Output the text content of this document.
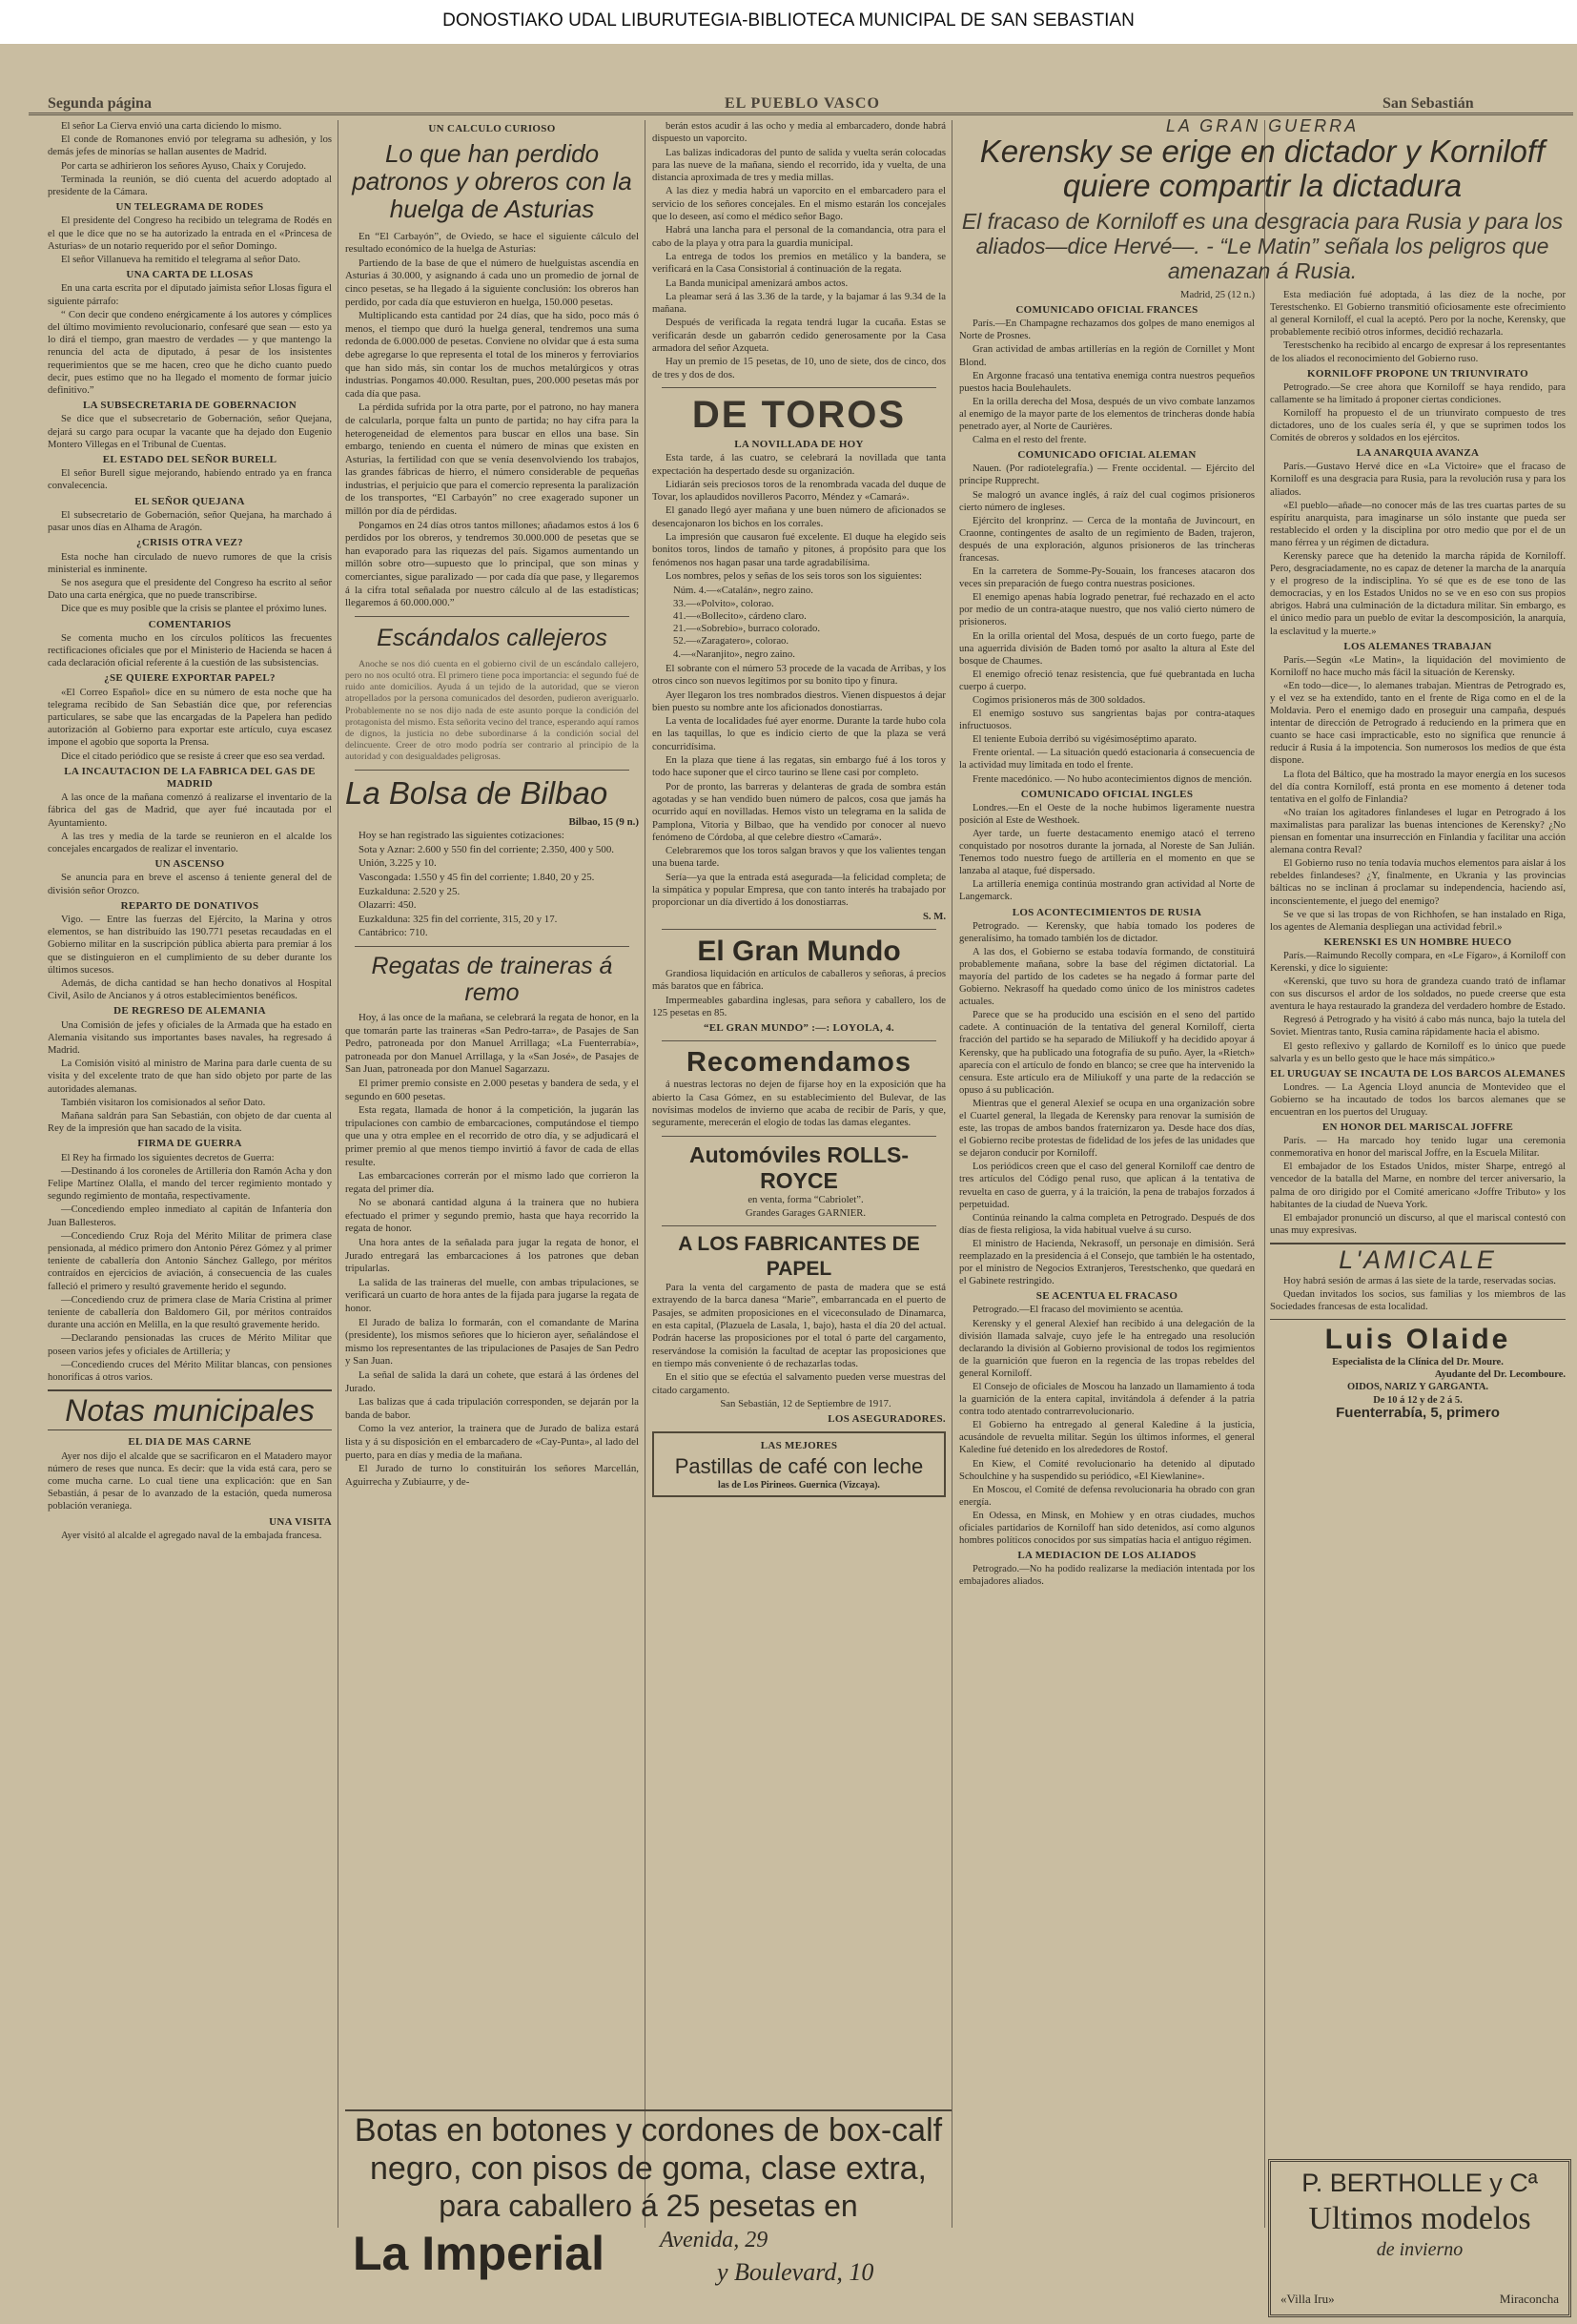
DONOSTIAKO UDAL LIBURUTEGIA-BIBLIOTECA MUNICIPAL DE SAN SEBASTIAN
Segunda página	EL PUEBLO VASCO	San Sebastián

El señor La Cierva envió una carta diciendo lo mismo.

El conde de Romanones envió por telegrama su adhesión, y los demás jefes de minorías se hallan ausentes de Madrid.

Por carta se adhirieron los señores Ayuso, Chaix y Corujedo.

Terminada la reunión, se dió cuenta del acuerdo adoptado al presidente de la Cámara.

UN TELEGRAMA DE RODES

El presidente del Congreso ha recibido un telegrama de Rodés en el que le dice que no se ha autorizado la entrada en el «Princesa de Asturias» de un notario requerido por el señor Domingo.

El señor Villanueva ha remitido el telegrama al señor Dato.

UNA CARTA DE LLOSAS

En una carta escrita por el diputado jaimista señor Llosas figura el siguiente párrafo:

“ Con decir que condeno enérgicamente á los autores y cómplices del último movimiento revolucionario, confesaré que sean — esto ya lo dirá el tiempo, gran maestro de verdades — y que mantengo la renuncia del acta de diputado, á pesar de los insistentes requerimientos que se me hacen, creo que he dicho cuanto puedo decir, pues estimo que no ha llegado el momento de formar juicio definitivo.”

LA SUBSECRETARIA DE GOBERNACION

Se dice que el subsecretario de Gobernación, señor Quejana, dejará su cargo para ocupar la vacante que ha dejado don Eugenio Montero Villegas en el Tribunal de Cuentas.

EL ESTADO DEL SEÑOR BURELL

El señor Burell sigue mejorando, habiendo entrado ya en franca convalecencia.

EL SEÑOR QUEJANA

El subsecretario de Gobernación, señor Quejana, ha marchado á pasar unos días en Alhama de Aragón.

¿CRISIS OTRA VEZ?

Esta noche han circulado de nuevo rumores de que la crisis ministerial es inminente.

Se nos asegura que el presidente del Congreso ha escrito al señor Dato una carta enérgica, que no puede transcribirse.

Dice que es muy posible que la crisis se plantee el próximo lunes.

COMENTARIOS

Se comenta mucho en los círculos políticos las frecuentes rectificaciones oficiales que por el Ministerio de Hacienda se hacen á cada declaración oficial referente á la cuestión de las subsistencias.

¿SE QUIERE EXPORTAR PAPEL?

«El Correo Español» dice en su número de esta noche que ha telegrama recibido de San Sebastián dice que, por referencias particulares, se sabe que las encargadas de la Papelera han pedido autorización al Gobierno para exportar este artículo, cuya escasez impone el agobio que soporta la Prensa.

Dice el citado periódico que se resiste á creer que eso sea verdad.

LA INCAUTACION DE LA FABRICA DEL GAS DE MADRID

A las once de la mañana comenzó á realizarse el inventario de la fábrica del gas de Madrid, que ayer fué incautada por el Ayuntamiento.

A las tres y media de la tarde se reunieron en el alcalde los concejales encargados de realizar el inventario.

UN ASCENSO

Se anuncia para en breve el ascenso á teniente general del de división señor Orozco.

REPARTO DE DONATIVOS

Vigo. — Entre las fuerzas del Ejército, la Marina y otros elementos, se han distribuído las 190.771 pesetas recaudadas en el Gobierno militar en la suscripción pública abierta para premiar á los que se distinguieron en el cumplimiento de su deber durante los últimos sucesos.

Además, de dicha cantidad se han hecho donativos al Hospital Civil, Asilo de Ancianos y á otros establecimientos benéficos.

DE REGRESO DE ALEMANIA

Una Comisión de jefes y oficiales de la Armada que ha estado en Alemania visitando sus importantes bases navales, ha regresado á Madrid.

La Comisión visitó al ministro de Marina para darle cuenta de su visita y del excelente trato de que han sido objeto por parte de las autoridades alemanas.

También visitaron los comisionados al señor Dato.

Mañana saldrán para San Sebastián, con objeto de dar cuenta al Rey de la impresión que han sacado de la visita.

FIRMA DE GUERRA

El Rey ha firmado los siguientes decretos de Guerra:

—Destinando á los coroneles de Artillería don Ramón Acha y don Felipe Martínez Olalla, el mando del tercer regimiento montado y segundo regimiento de montaña, respectivamente.

—Concediendo empleo inmediato al capitán de Infantería don Juan Ballesteros.

—Concediendo Cruz Roja del Mérito Militar de primera clase pensionada, al médico primero don Antonio Pérez Gómez y al primer teniente de caballería don Antonio Sánchez Gallego, por méritos contraídos en ejercicios de aviación, á consecuencia de las cuales falleció el primero y resultó gravemente herido el segundo.

—Concediendo cruz de primera clase de María Cristina al primer teniente de caballería don Baldomero Gil, por méritos contraídos durante una acción en Melilla, en la que resultó gravemente herido.

—Declarando pensionadas las cruces de Mérito Militar que poseen varios jefes y oficiales de Artillería; y

—Concediendo cruces del Mérito Militar blancas, con pensiones honoríficas á otros varios.

Notas municipales

EL DIA DE MAS CARNE

Ayer nos dijo el alcalde que se sacrificaron en el Matadero mayor número de reses que nunca. Es decir: que la vida está cara, pero se come mucha carne. Lo cual tiene una explicación: que en San Sebastián, á pesar de lo avanzado de la estación, queda numerosa población veraniega.

UNA VISITA

Ayer visitó al alcalde el agregado naval de la embajada francesa.

UN CALCULO CURIOSO

Lo que han perdido patronos y obreros con la huelga de Asturias

En “El Carbayón”, de Oviedo, se hace el siguiente cálculo del resultado económico de la huelga de Asturias:

Partiendo de la base de que el número de huelguistas ascendía en Asturias á 30.000, y asignando á cada uno un promedio de jornal de cinco pesetas, se ha llegado á la siguiente conclusión: los obreros han perdido, por cada día que estuvieron en huelga, 150.000 pesetas.

Multiplicando esta cantidad por 24 días, que ha sido, poco más ó menos, el tiempo que duró la huelga general, tendremos una suma redonda de 6.000.000 de pesetas. Conviene no olvidar que á esta suma debe agregarse lo que representa el total de los mineros y ferroviarios que han sido más, sin contar los de muchos metalúrgicos y otras industrias. Pongamos 40.000. Resultan, pues, 200.000 pesetas más por cada día que pasa.

La pérdida sufrida por la otra parte, por el patrono, no hay manera de calcularla, porque falta un punto de partida; no hay cifra para la heterogeneidad de elementos para buscar en ellos una base. Sin embargo, teniendo en cuenta el número de minas que existen en Asturias, la fertilidad con que se venía desenvolviendo los trabajos, las grandes fábricas de hierro, el número considerable de pequeñas industrias, el perjuicio que para el comercio representa la paralización de los transportes, “El Carbayón” no cree exagerado suponer un millón por día de pérdidas.

Pongamos en 24 días otros tantos millones; añadamos estos á los 6 perdidos por los obreros, y tendremos 30.000.000 de pesetas que se han evaporado para las riquezas del país. Sigamos aumentando un millón sobre otro—supuesto que lo principal, que son minas y comerciantes, sigue paralizado — por cada día que pase, y llegaremos á la cifra total señalada por nuestro cálculo al de las estadísticas; llegaremos á 60.000.000.”

Escándalos callejeros

Anoche se nos dió cuenta en el gobierno civil de un escándalo callejero, pero no nos ocultó otra. El primero tiene poca importancia: el segundo fué de ruido ante domicilios. Ayuda á un tejido de la autoridad, que se vieron atropellados por la persona comunicados del desorden, pudieron averiguarlo. Probablemente no se nos dijo nada de este asunto porque la condición del protagonista del mismo. Esta señorita vecino del trance, esperando aquí ramos de dignos, la justicia no debe subordinarse á la condición social del delincuente. Creer de otro modo podría ser contrario al principio de la autoridad y con desigualdades peligrosas.

La Bolsa de Bilbao

Bilbao, 15 (9 n.)

Hoy se han registrado las siguientes cotizaciones:

Sota y Aznar: 2.600 y 550 fin del corriente; 2.350, 400 y 500.

Unión, 3.225 y 10.

Vascongada: 1.550 y 45 fin del corriente; 1.840, 20 y 25.

Euzkalduna: 2.520 y 25.

Olazarri: 450.

Euzkalduna: 325 fin del corriente, 315, 20 y 17.

Cantábrico: 710.

Regatas de traineras á remo

Hoy, á las once de la mañana, se celebrará la regata de honor, en la que tomarán parte las traineras «San Pedro-tarra», de Pasajes de San Pedro, patroneada por don Manuel Arrillaga; «La Fuenterrabía», patroneada por don Manuel Arrillaga, y la «San José», de Pasajes de San Juan, patroneada por don Manuel Sagarzazu.

El primer premio consiste en 2.000 pesetas y bandera de seda, y el segundo en 600 pesetas.

Esta regata, llamada de honor á la competición, la jugarán las tripulaciones con cambio de embarcaciones, computándose el tiempo que una y otra emplee en el recorrido de otro día, y se adjudicará el primer premio al que menos tiempo invirtió á favor de cada de ellas resulte.

Las embarcaciones correrán por el mismo lado que corrieron la regata del primer día.

No se abonará cantidad alguna á la trainera que no hubiera efectuado el primer y segundo premio, hasta que haya recorrido la regata de honor.

Una hora antes de la señalada para jugar la regata de honor, el Jurado entregará las embarcaciones á los patrones que deban tripularlas.

La salida de las traineras del muelle, con ambas tripulaciones, se verificará un cuarto de hora antes de la fijada para jugarse la regata de honor.

El Jurado de baliza lo formarán, con el comandante de Marina (presidente), los mismos señores que lo hicieron ayer, señalándose el mismo los representantes de las tripulaciones de Pasajes de San Pedro y San Juan.

La señal de salida la dará un cohete, que estará á las órdenes del Jurado.

Las balizas que á cada tripulación corresponden, se dejarán por la banda de babor.

Como la vez anterior, la trainera que de Jurado de baliza estará lista y á su disposición en el embarcadero de «Cay-Punta», al lado del puerto, para en días y media de la mañana.

El Jurado de turno lo constituirán los señores Marcellán, Aguirrecha y Zubiaurre, y de-

berán estos acudir á las ocho y media al embarcadero, donde habrá dispuesto un vaporcito.

Las balizas indicadoras del punto de salida y vuelta serán colocadas para las nueve de la mañana, siendo el recorrido, ida y vuelta, de una distancia aproximada de tres y media millas.

A las diez y media habrá un vaporcito en el embarcadero para el servicio de los señores concejales. En el mismo estarán los concejales que lo deseen, así como el médico señor Bago.

Habrá una lancha para el personal de la comandancia, otra para el cabo de la playa y otra para la guardia municipal.

La entrega de todos los premios en metálico y la bandera, se verificará en la Casa Consistorial á continuación de la regata.

La Banda municipal amenizará ambos actos.

La pleamar será á las 3.36 de la tarde, y la bajamar á las 9.34 de la mañana.

Después de verificada la regata tendrá lugar la cucaña. Estas se verificarán desde un gabarrón cedido generosamente por la Casa armadora del señor Azqueta.

Hay un premio de 15 pesetas, de 10, uno de siete, dos de cinco, dos de tres y dos de dos.

DE TOROS

LA NOVILLADA DE HOY

Esta tarde, á las cuatro, se celebrará la novillada que tanta expectación ha despertado desde su organización.

Lidiarán seis preciosos toros de la renombrada vacada del duque de Tovar, los aplaudidos novilleros Pacorro, Méndez y «Camará».

El ganado llegó ayer mañana y une buen número de aficionados se desencajonaron los bichos en los corrales.

La impresión que causaron fué excelente. El duque ha elegido seis bonitos toros, lindos de tamaño y pitones, á propósito para que los fenómenos nos hagan pasar una tarde agradabilísima.

Los nombres, pelos y señas de los seis toros son los siguientes:

Núm. 4.—«Catalán», negro zaino.
33.—«Polvito», colorao.
41.—«Bollecito», cárdeno claro.
21.—«Sobrebio», burraco colorado.
52.—«Zaragatero», colorao.
4.—«Naranjito», negro zaino.

El sobrante con el número 53 procede de la vacada de Arribas, y los otros cinco son nuevos legítimos por su bonito tipo y finura.

Ayer llegaron los tres nombrados diestros. Vienen dispuestos á dejar bien puesto su nombre ante los aficionados donostiarras.

La venta de localidades fué ayer enorme. Durante la tarde hubo cola en las taquillas, lo que es indicio cierto de que la plaza se verá concurridísima.

En la plaza que tiene á las regatas, sin embargo fué á los toros y todo hace suponer que el circo taurino se llene casi por completo.

Por de pronto, las barreras y delanteras de grada de sombra están agotadas y se han vendido buen número de palcos, cosa que jamás ha ocurrido aquí en novilladas. Hemos visto un telegrama en la salida de Pamplona, Vitoria y Bilbao, que ha vendido por conocer al nuevo fenómeno de Córdoba, al que celebre diestro «Camará».

Celebraremos que los toros salgan bravos y que los valientes tengan una buena tarde.

Sería—ya que la entrada está asegurada—la felicidad completa; de la simpática y popular Empresa, que con tanto interés ha trabajado por proporcionar un día divertido á los donostiarras.

S. M.

El Gran Mundo

Grandiosa liquidación en artículos de caballeros y señoras, á precios más baratos que en fábrica.

Impermeables gabardina inglesas, para señora y caballero, los de 125 pesetas en 85.

“EL GRAN MUNDO” :—: LOYOLA, 4.

Recomendamos

á nuestras lectoras no dejen de fijarse hoy en la exposición que ha abierto la Casa Gómez, en su establecimiento del Bulevar, de las novísimas modelos de invierno que acaba de recibir de París, y que, seguramente, merecerán el elogio de todas las damas elegantes.

Automóviles ROLLS-ROYCE

en venta, forma “Cabriolet”.

Grandes Garages GARNIER.

A LOS FABRICANTES DE PAPEL

Para la venta del cargamento de pasta de madera que se está extrayendo de la barca danesa “Marie”, embarrancada en el puerto de Pasajes, se admiten proposiciones en el viceconsulado de Dinamarca, en esta capital, (Plazuela de Lasala, 1, bajo), hasta el día 20 del actual. Podrán hacerse las proposiciones por el total ó parte del cargamento, reservándose la comisión la facultad de aceptar las proposiciones que en tiempo más conveniente ó de rechazarlas todas.

En el sitio que se efectúa el salvamento pueden verse muestras del citado cargamento.

San Sebastián, 12 de Septiembre de 1917.

LOS ASEGURADORES.

LAS MEJORES
Pastillas de café con leche
las de Los Pirineos. Guernica (Vizcaya).
LA GRAN GUERRA
Kerensky se erige en dictador y Korniloff quiere compartir la dictadura
El fracaso de Korniloff es una desgracia para Rusia y para los aliados—dice Hervé—. - “Le Matin” señala los peligros que amenazan á Rusia.

Madrid, 25 (12 n.)

COMUNICADO OFICIAL FRANCES

París.—En Champagne rechazamos dos golpes de mano enemigos al Norte de Prosnes.

Gran actividad de ambas artillerías en la región de Cornillet y Mont Blond.

En Argonne fracasó una tentativa enemiga contra nuestros pequeños puestos hacia Boulehaulets.

En la orilla derecha del Mosa, después de un vivo combate lanzamos al enemigo de la mayor parte de los elementos de trincheras donde había penetrado ayer, al Norte de Caurières.

Calma en el resto del frente.

COMUNICADO OFICIAL ALEMAN

Nauen. (Por radiotelegrafía.) — Frente occidental. — Ejército del príncipe Rupprecht.

Se malogró un avance inglés, á raíz del cual cogimos prisioneros cierto número de ingleses.

Ejército del kronprinz. — Cerca de la montaña de Juvincourt, en Craonne, contingentes de asalto de un regimiento de Baden, trajeron, después de una exploración, algunos prisioneros de las trincheras francesas.

En la carretera de Somme-Py-Souain, los franceses atacaron dos veces sin preparación de fuego contra nuestras posiciones.

El enemigo apenas había logrado penetrar, fué rechazado en el acto por medio de un contra-ataque nuestro, que nos valió cierto número de prisioneros.

En la orilla oriental del Mosa, después de un corto fuego, parte de una aguerrida división de Baden tomó por asalto la altura al Este del bosque de Chaumes.

El enemigo ofreció tenaz resistencia, que fué quebrantada en lucha cuerpo á cuerpo.

Cogimos prisioneros más de 300 soldados.

El enemigo sostuvo sus sangrientas bajas por contra-ataques infructuosos.

El teniente Euboia derribó su vigésimoséptimo aparato.

Frente oriental. — La situación quedó estacionaria á consecuencia de la actividad muy limitada en todo el frente.

Frente macedónico. — No hubo acontecimientos dignos de mención.

COMUNICADO OFICIAL INGLES

Londres.—En el Oeste de la noche hubimos ligeramente nuestra posición al Este de Westhoek.

Ayer tarde, un fuerte destacamento enemigo atacó el terreno conquistado por nosotros durante la jornada, al Noreste de San Julián. Tenemos todo nuestro fuego de artillería en el momento en que se lanzaba al ataque, fué dispersado.

La artillería enemiga continúa mostrando gran actividad al Norte de Langemarck.

LOS ACONTECIMIENTOS DE RUSIA

Petrogrado. — Kerensky, que había tomado los poderes de generalísimo, ha tomado también los de dictador.

A las dos, el Gobierno se estaba todavía formando, de constituirá probablemente mañana, sobre la base del régimen dictatorial. La mayoría del partido de los cadetes se ha negado á formar parte del Gobierno. Nekrasoff ha quedado como único de los ministros cadetes actuales.

Parece que se ha producido una escisión en el seno del partido cadete. A continuación de la tentativa del general Korniloff, cierta fracción del partido se ha separado de Miliukoff y ha decidido apoyar á Kerensky, que ha publicado una fotografía de su puño. Ayer, la «Rietch» aparecía con el artículo de fondo en blanco; se cree que ha intervenido la censura. Este artículo era de Miliukoff y una parte de la redacción se opuso á su publicación.

Mientras que el general Alexief se ocupa en una organización sobre el Cuartel general, la llegada de Kerensky para renovar la sumisión de este, las tropas de ambos bandos fraternizaron ya. Desde hace dos días, el Gobierno recibe protestas de fidelidad de los jefes de las unidades que se dejaron conducir por Korniloff.

Los periódicos creen que el caso del general Korniloff cae dentro de tres artículos del Código penal ruso, que aplican á la tentativa de revuelta en caso de guerra, y á la traición, la pena de trabajos forzados á perpetuidad.

Continúa reinando la calma completa en Petrogrado. Después de dos días de fiesta religiosa, la vida habitual vuelve á su curso.

El ministro de Hacienda, Nekrasoff, un personaje en dimisión. Será reemplazado en la presidencia á el Consejo, que también le ha ostentado, por el ministro de Negocios Extranjeros, Terestschenko, que quedará en el Gabinete restringido.

SE ACENTUA EL FRACASO

Petrogrado.—El fracaso del movimiento se acentúa.

Kerensky y el general Alexief han recibido á una delegación de la división llamada salvaje, cuyo jefe le ha entregado una resolución declarando la división al Gobierno provisional de todos los regimientos de la guarnición que fueron en la regencia de las tropas rebeldes del general Korniloff.

El Consejo de oficiales de Moscou ha lanzado un llamamiento á toda la guarnición de la entera capital, invitándola á defender á la patria contra todo atentado contrarrevolucionario.

El Gobierno ha entregado al general Kaledine á la justicia, acusándole de revuelta militar. Según los últimos informes, el general Kaledine fué detenido en los alrededores de Rostof.

En Kiew, el Comité revolucionario ha detenido al diputado Schoulchine y ha suspendido su periódico, «El Kiewlanine».

En Moscou, el Comité de defensa revolucionaria ha obrado con gran energía.

En Odessa, en Minsk, en Mohiew y en otras ciudades, muchos oficiales partidarios de Korniloff han sido detenidos, así como algunos hombres políticos conocidos por sus simpatías hacia el antiguo régimen.

LA MEDIACION DE LOS ALIADOS

Petrogrado.—No ha podido realizarse la mediación intentada por los embajadores aliados.

Esta mediación fué adoptada, á las diez de la noche, por Terestschenko. El Gobierno transmitió oficiosamente este ofrecimiento al general Korniloff, el cual la aceptó. Pero por la noche, Kerensky, que probablemente recibió otros informes, decidió rechazarla.

Terestschenko ha recibido al encargo de expresar á los representantes de los aliados el reconocimiento del Gobierno ruso.

KORNILOFF PROPONE UN TRIUNVIRATO

Petrogrado.—Se cree ahora que Korniloff se haya rendido, para callamente se ha limitado á proponer ciertas condiciones.

Korniloff ha propuesto el de un triunvirato compuesto de tres dictadores, uno de los cuales sería él, y que se suprimen todos los Comités de obreros y soldados en los ejércitos.

LA ANARQUIA AVANZA

París.—Gustavo Hervé dice en «La Victoire» que el fracaso de Korniloff es una desgracia para Rusia, para la revolución rusa y para los aliados.

«El pueblo—añade—no conocer más de las tres cuartas partes de su espíritu anarquista, para imaginarse un sólo instante que pueda ser restablecido el orden y la disciplina por otro medio que por el de un mano férrea y un régimen de dictadura.

Kerensky parece que ha detenido la marcha rápida de Korniloff. Pero, desgraciadamente, no es capaz de detener la marcha de la anarquía y el progreso de la indisciplina. Yo sé que es de ese tono de las democracias, y en los Estados Unidos no se ve en eso con sus propios abrigos. Habrá una culminación de la dictadura militar. Sin embargo, es el único medio para un pueblo de evitar la descomposición, la anarquía, la esclavitud y la muerte.»

LOS ALEMANES TRABAJAN

París.—Según «Le Matin», la liquidación del movimiento de Korniloff no hace mucho más fácil la situación de Kerensky.

«En todo—dice—, lo alemanes trabajan. Mientras de Petrogrado es, y el vez se ha extendido, tanto en el frente de Riga como en el de la Moldavia. Pero el enemigo dado en proseguir una campaña, después intentar de dirección de Petrogrado á reduciendo en la primera que en cuanto se hace casi impracticable, esto no significa que renuncie á reducir á Rusia á la impotencia. Son numerosos los medios de que ésta dispone.

La flota del Báltico, que ha mostrado la mayor energía en los sucesos del día contra Korniloff, está pronta en ese momento á detener toda tentativa en el golfo de Finlandia?

«No traían los agitadores finlandeses el lugar en Petrogrado á los maximalistas para paralizar las buenas intenciones de Kerensky? ¿No piensan en fomentar una insurrección en Finlandia y facilitar una acción alemana contra Reval?

El Gobierno ruso no tenía todavía muchos elementos para aislar á los rebeldes finlandeses? ¿Y, finalmente, en Ukrania y las provincias bálticas no se inclinan á proclamar su independencia, haciendo así, inconscientemente, el juego del enemigo?

Se ve que si las tropas de von Richhofen, se han instalado en Riga, los agentes de Alemania despliegan una actividad febril.»

KERENSKI ES UN HOMBRE HUECO

París.—Raimundo Recolly compara, en «Le Fígaro», á Korniloff con Kerenski, y dice lo siguiente:

«Kerenski, que tuvo su hora de grandeza cuando trató de inflamar con sus discursos el ardor de los soldados, no puede creerse que esta aventura le haya restaurado la grandeza del verdadero hombre de Estado.

Regresó á Petrogrado y ha visitó á cabo más nunca, bajo la tutela del Soviet. Mientras tanto, Rusia camina rápidamente hacia el abismo.

El gesto reflexivo y gallardo de Korniloff es lo único que puede salvarla y es un bello gesto que le hace más simpático.»

EL URUGUAY SE INCAUTA DE LOS BARCOS ALEMANES

Londres. — La Agencia Lloyd anuncia de Montevideo que el Gobierno se ha incautado de todos los barcos alemanes que se encuentran en los puertos del Uruguay.

EN HONOR DEL MARISCAL JOFFRE

París. — Ha marcado hoy tenido lugar una ceremonia conmemorativa en honor del mariscal Joffre, en la Escuela Militar.

El embajador de los Estados Unidos, míster Sharpe, entregó al vencedor de la batalla del Marne, en nombre del tercer aniversario, la palma de oro dirigido por el Comité americano «Joffre Tributo» y los habitantes de la ciudad de Nueva York.

El embajador pronunció un discurso, al que el mariscal contestó con unas muy expresivas.

L'AMICALE

Hoy habrá sesión de armas á las siete de la tarde, reservadas socias.

Quedan invitados los socios, sus familias y los miembros de las Sociedades francesas de esta localidad.

Luis Olaide
Especialista de la Clínica del Dr. Moure.
Ayudante del Dr. Lecomboure.
OIDOS, NARIZ Y GARGANTA.
De 10 á 12 y de 2 á 5.
Fuenterrabía, 5, primero
Botas en botones y cordones de box-calf
negro, con pisos de goma, clase extra,
para caballero á 25 pesetas en
La Imperial Avenida, 29
y Boulevard, 10
P. BERTHOLLE y Cª
Ultimos modelos
de invierno
«Villa Iru»	Miraconcha
